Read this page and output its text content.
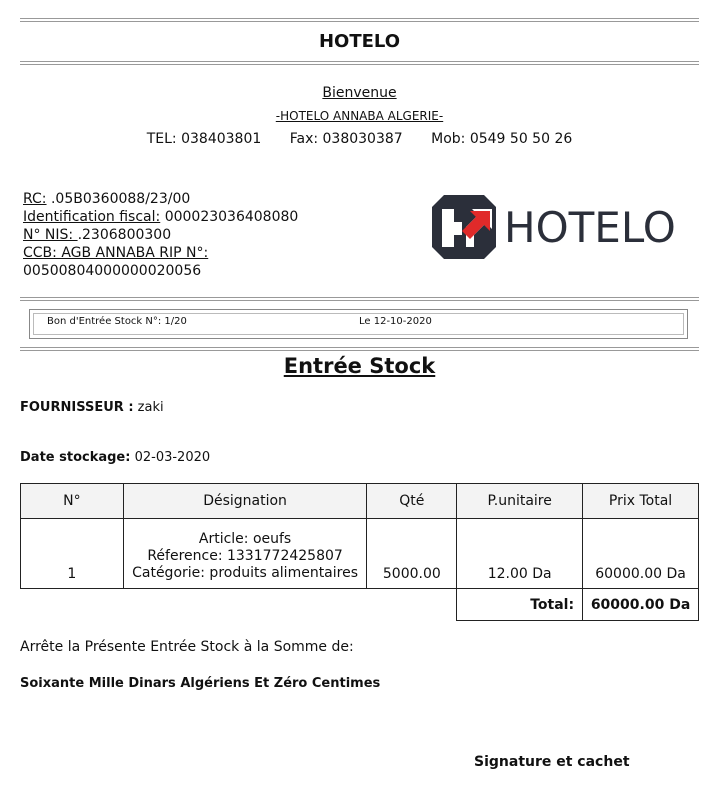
HOTELO
Bienvenue
-HOTELO ANNABA ALGERIE-
TEL: 038403801 Fax: 038030387 Mob: 0549 50 50 26
RC: .05B0360088/23/00
Identification fiscal: 000023036408080
N° NIS: .2306800300
CCB: AGB ANNABA RIP N°:
00500804000000020056
HOTELO
Bon d'Entrée Stock N°: 1/20	Le 12-10-2020
Entrée Stock
FOURNISSEUR : zaki
Date stockage: 02-03-2020
N°	Désignation	Qté	P.unitaire	Prix Total
1	Article: oeufs
Réference: 1331772425807
Catégorie: produits alimentaires	5000.00	12.00 Da	60000.00 Da
			Total:	60000.00 Da
Arrête la Présente Entrée Stock à la Somme de:
Soixante Mille Dinars Algériens Et Zéro Centimes
Signature et cachet
